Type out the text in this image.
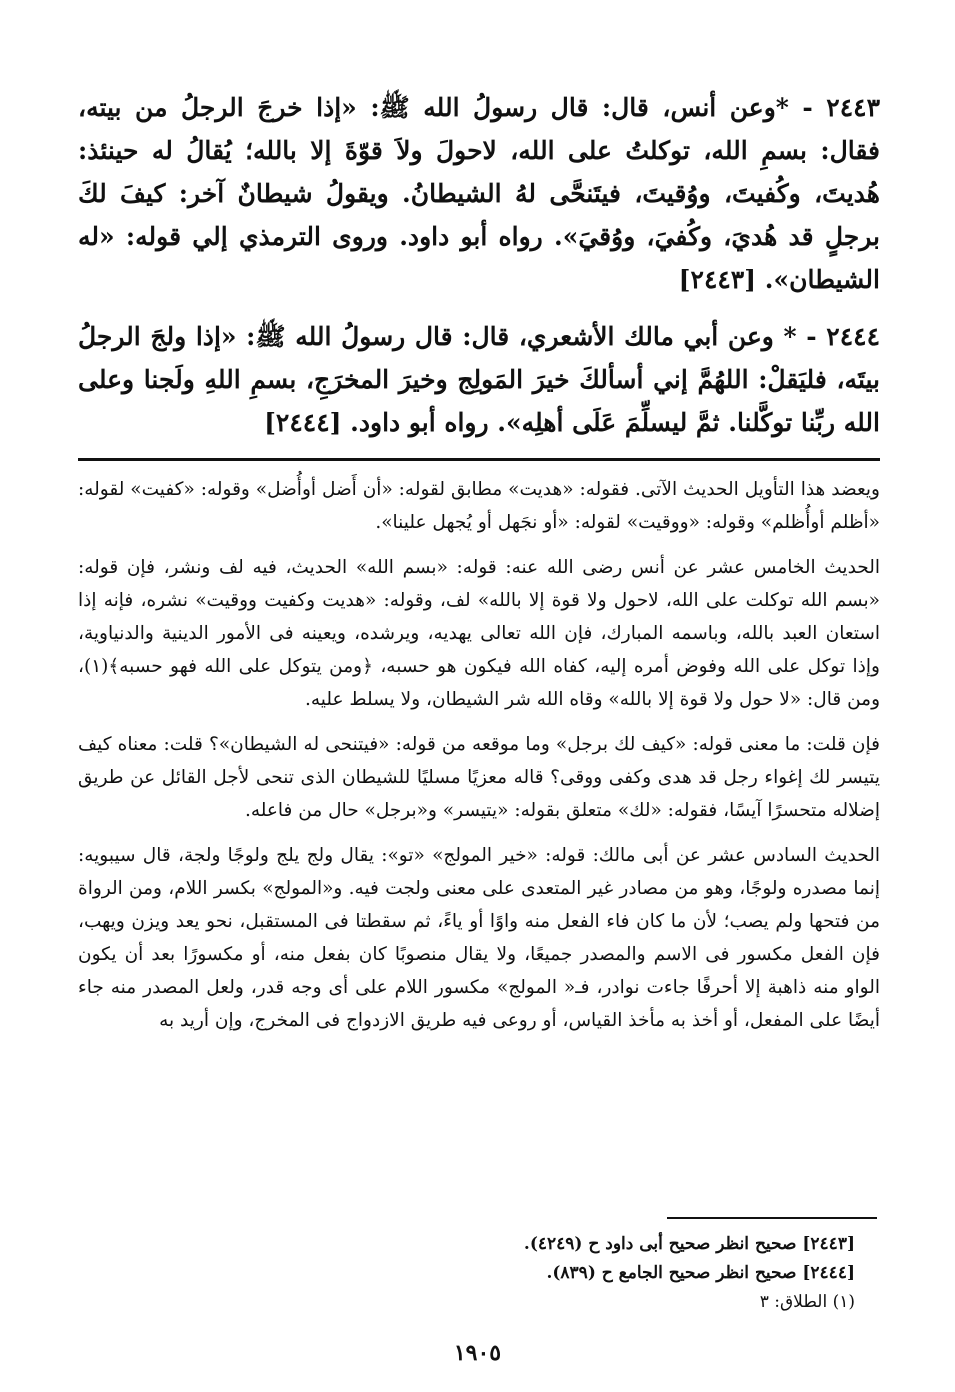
٢٤٤٣ - *وعن أنس، قال: قال رسولُ الله ﷺ: «إذا خرجَ الرجلُ من بيته، فقال: بسمِ الله، توكلتُ على الله، لاحولَ ولاَ قوّةَ إلا بالله؛ يُقالُ له حينئذ: هُديتَ، وكُفيتَ، ووُقيتَ، فيتَنحَّى لهُ الشيطانُ. ويقولُ شيطانٌ آخر: كيفَ لكَ برجلٍ قد هُديَ، وكُفيَ، ووُقيَ». رواه أبو داود. وروى الترمذي إلي قوله: «له الشيطان». [٢٤٤٣]

٢٤٤٤ - * وعن أبي مالك الأشعري، قال: قال رسولُ الله ﷺ: «إذا ولجَ الرجلُ بيتَه، فليَقلْ: اللهُمَّ إني أسألكَ خيرَ المَولِج وخيرَ المخرَجِ، بسمِ اللهِ ولَجنا وعلى الله ربِّنا توكَّلنا. ثمَّ ليسلِّمَ عَلَى أهلِه». رواه أبو داود. [٢٤٤٤]

ويعضد هذا التأويل الحديث الآتى. فقوله: «هديت» مطابق لقوله: «أن أَضل أوأُضل» وقوله: «كفيت» لقوله: «أظلم أوأُظلم» وقوله: «ووقيت» لقوله: «أو نجَهل أو يُجهل علينا».

الحديث الخامس عشر عن أنس رضى الله عنه: قوله: «بسم الله» الحديث، فيه لف ونشر، فإن قوله: «بسم الله توكلت على الله، لاحول ولا قوة إلا بالله» لف، وقوله: «هديت وكفيت ووقيت» نشره، فإنه إذا استعان العبد بالله، وباسمه المبارك، فإن الله تعالى يهديه، ويرشده، ويعينه فى الأمور الدينية والدنياوية، وإذا توكل على الله وفوض أمره إليه، كفاه الله فيكون هو حسبه، ﴿ومن يتوكل على الله فهو حسبه﴾(١)، ومن قال: «لا حول ولا قوة إلا بالله» وقاه الله شر الشيطان، ولا يسلط عليه.

فإن قلت: ما معنى قوله: «كيف لك برجل» وما موقعه من قوله: «فيتنحى له الشيطان»؟ قلت: معناه كيف يتيسر لك إغواء رجل قد هدى وكفى ووقى؟ قاله معزيًا مسليًا للشيطان الذى تنحى لأجل القائل عن طريق إضلاله متحسرًا آيسًا، فقوله: «لك» متعلق بقوله: «يتيسر» و«برجل» حال من فاعله.

الحديث السادس عشر عن أبى مالك: قوله: «خير المولج» «تو»: يقال ولج يلج ولوجًا ولجة، قال سيبويه: إنما مصدره ولوجًا، وهو من مصادر غير المتعدى على معنى ولجت فيه. و«المولج» بكسر اللام، ومن الرواة من فتحها ولم يصب؛ لأن ما كان فاء الفعل منه واوًا أو ياءً، ثم سقطتا فى المستقبل، نحو يعد ويزن ويهب، فإن الفعل مكسور فى الاسم والمصدر جميعًا، ولا يقال منصوبًا كان بفعل منه، أو مكسورًا بعد أن يكون الواو منه ذاهبة إلا أحرفًا جاءت نوادر، فـ« المولج» مكسور اللام على أى وجه قدر، ولعل المصدر منه جاء أيضًا على المفعل، أو أخذ به مأخذ القياس، أو روعى فيه طريق الازدواج فى المخرج، وإن أريد به

[٢٤٤٣] صحيح انظر صحيح أبى داود ح (٤٢٤٩).
[٢٤٤٤] صحيح انظر صحيح الجامع ح (٨٣٩).
(١) الطلاق: ٣
١٩٠٥
